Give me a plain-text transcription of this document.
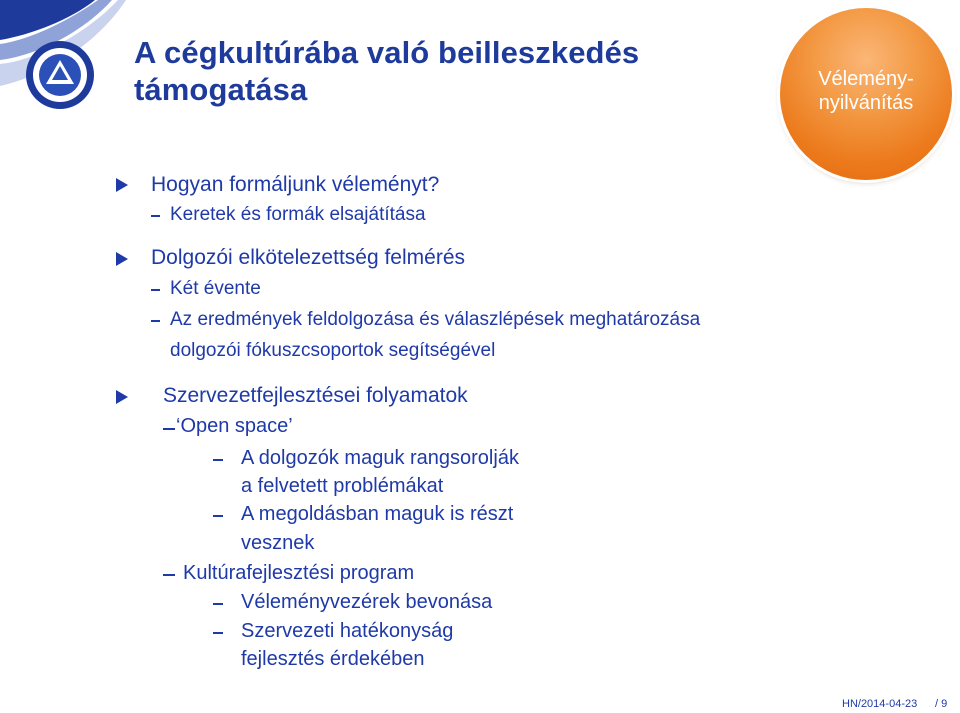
A cégkultúrába való beilleszkedés
támogatása	Vélemény-
nyilvánítás
Hogyan formáljunk véleményt?
Keretek és formák elsajátítása
Dolgozói elkötelezettség felmérés
Két évente
Az eredmények feldolgozása és válaszlépések meghatározása
dolgozói fókuszcsoportok segítségével
Szervezetfejlesztései folyamatok
‘Open space’
A dolgozók maguk rangsorolják
a felvetett problémákat
A megoldásban maguk is részt
vesznek
Kultúrafejlesztési program
Véleményvezérek bevonása
Szervezeti hatékonyság
fejlesztés érdekében
HN/2014-04-23 / 9
